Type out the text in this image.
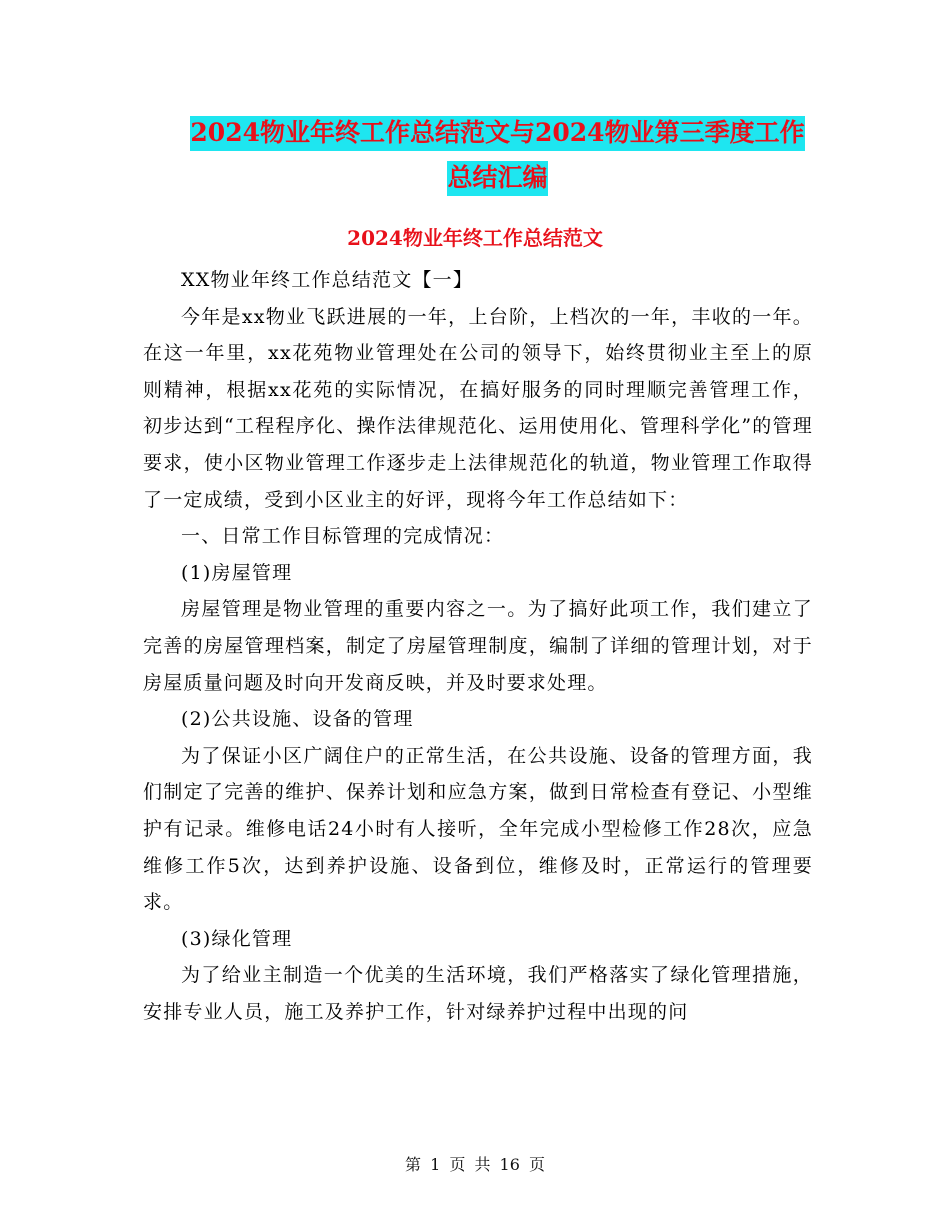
2024物业年终工作总结范文与2024物业第三季度工作
总结汇编
2024物业年终工作总结范文

XX物业年终工作总结范文【一】

今年是xx物业飞跃进展的一年，上台阶，上档次的一年，丰收的一年。在这一年里，xx花苑物业管理处在公司的领导下，始终贯彻业主至上的原则精神，根据xx花苑的实际情况，在搞好服务的同时理顺完善管理工作，初步达到“工程程序化、操作法律规范化、运用使用化、管理科学化”的管理要求，使小区物业管理工作逐步走上法律规范化的轨道，物业管理工作取得了一定成绩，受到小区业主的好评，现将今年工作总结如下：

一、日常工作目标管理的完成情况：

(1)房屋管理

房屋管理是物业管理的重要内容之一。为了搞好此项工作，我们建立了完善的房屋管理档案，制定了房屋管理制度，编制了详细的管理计划，对于房屋质量问题及时向开发商反映，并及时要求处理。

(2)公共设施、设备的管理

为了保证小区广阔住户的正常生活，在公共设施、设备的管理方面，我们制定了完善的维护、保养计划和应急方案，做到日常检查有登记、小型维护有记录。维修电话24小时有人接听，全年完成小型检修工作28次，应急维修工作5次，达到养护设施、设备到位，维修及时，正常运行的管理要求。

(3)绿化管理

为了给业主制造一个优美的生活环境，我们严格落实了绿化管理措施，安排专业人员，施工及养护工作，针对绿养护过程中出现的问

第 1 页 共 16 页
